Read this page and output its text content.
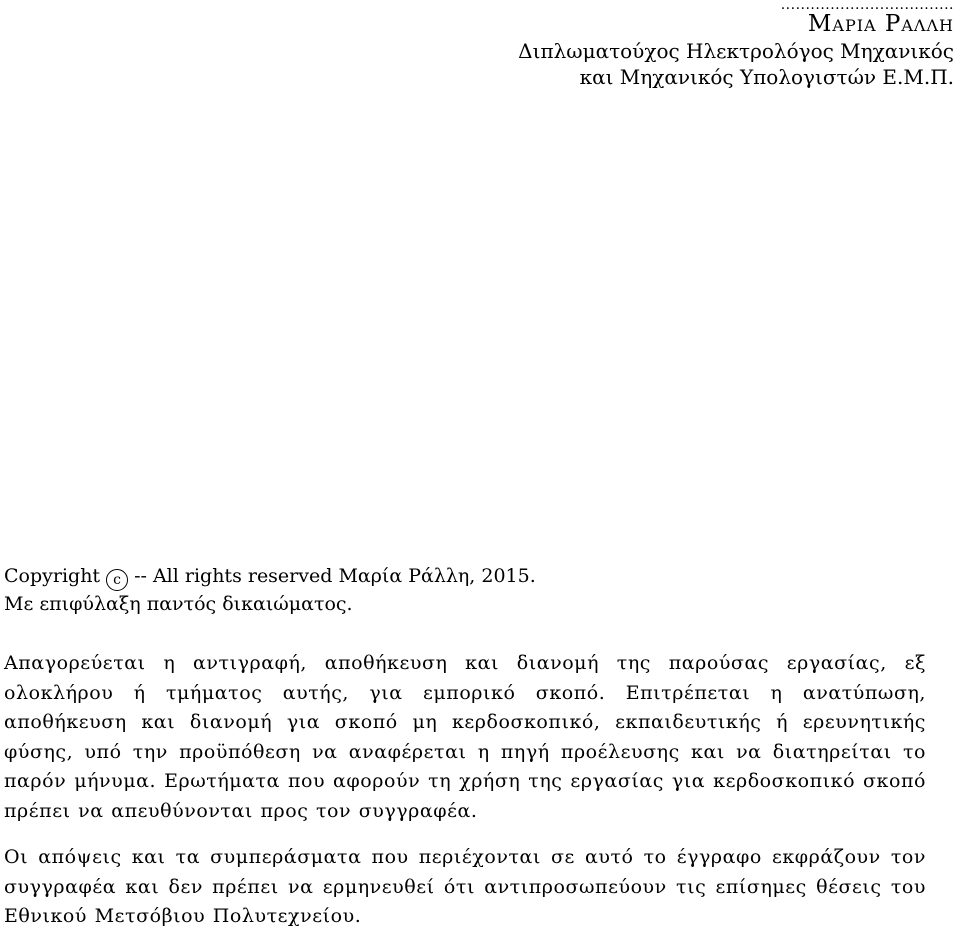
...................................
Μαρια Ραλλη
Διπλωματούχος Ηλεκτρολόγος Μηχανικός
και Μηχανικός Υπολογιστών Ε.Μ.Π.
Copyright c -- All rights reserved Μαρία Ράλλη, 2015.
Με επιφύλαξη παντός δικαιώματος.
Απαγορεύεται η αντιγραφή, αποθήκευση και διανομή της παρούσας εργασίας, εξ ολοκλήρου ή τμήματος αυτής, για εμπορικό σκοπό. Επιτρέπεται η ανατύπωση, αποθήκευση και διανομή για σκοπό μη κερδοσκοπικό, εκπαιδευτικής ή ερευνητικής φύσης, υπό την προϋπόθεση να αναφέρεται η πηγή προέλευσης και να διατηρείται το παρόν μήνυμα. Ερωτήματα που αφορούν τη χρήση της εργασίας για κερδοσκοπικό σκοπό πρέπει να απευθύνονται προς τον συγγραφέα.
Οι απόψεις και τα συμπεράσματα που περιέχονται σε αυτό το έγγραφο εκφράζουν τον συγγραφέα και δεν πρέπει να ερμηνευθεί ότι αντιπροσωπεύουν τις επίσημες θέσεις του Εθνικού Μετσόβιου Πολυτεχνείου.
